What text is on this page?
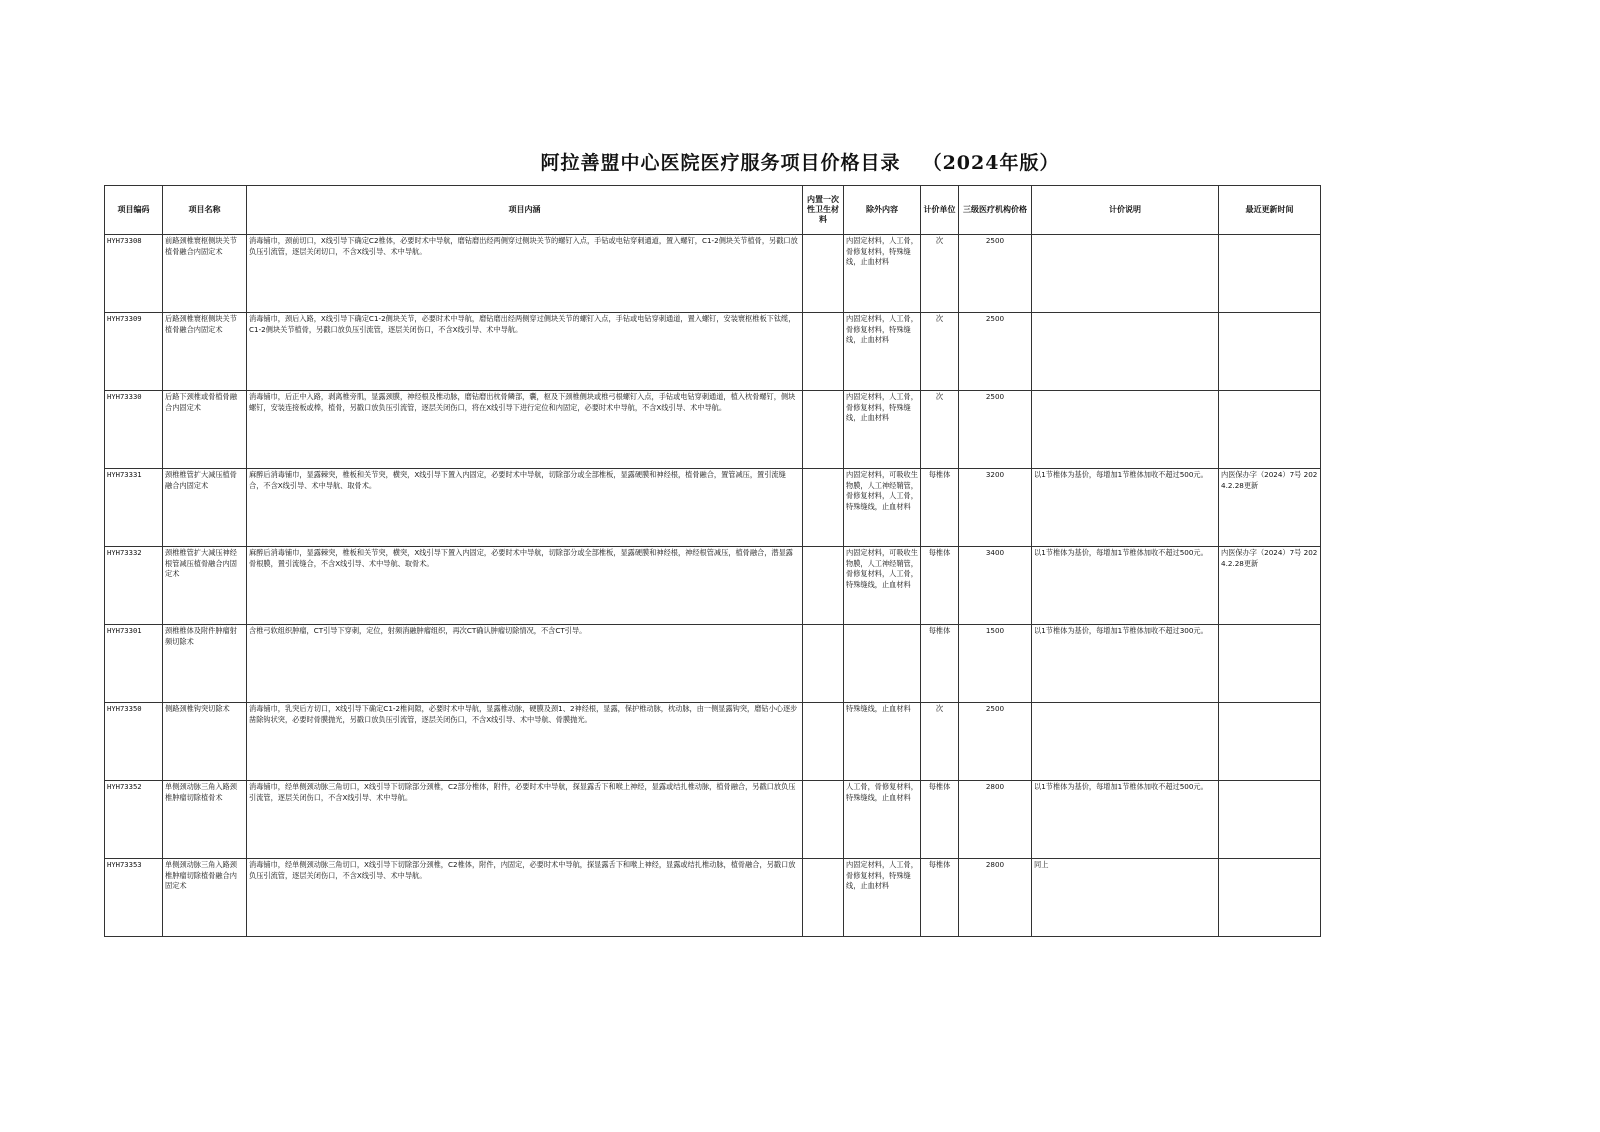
阿拉善盟中心医院医疗服务项目价格目录 （2024年版）
项目编码	项目名称	项目内涵	内置一次性卫生材料	除外内容	计价单位	三级医疗机构价格	计价说明	最近更新时间
HYH73308	前路颈椎寰枢侧块关节植骨融合内固定术	消毒铺巾，颈前切口，X线引导下确定C2椎体，必要时术中导航，磨钻磨出经两侧穿过侧块关节的螺钉入点，手钻或电钻穿刺通道，置入螺钉，C1-2侧块关节植骨，另戳口放负压引流管，逐层关闭切口，不含X线引导、术中导航。		内固定材料，人工骨，骨修复材料，特殊缝线，止血材料	次	2500		
HYH73309	后路颈椎寰枢侧块关节植骨融合内固定术	消毒铺巾，颈后入路，X线引导下确定C1-2侧块关节，必要时术中导航，磨钻磨出经两侧穿过侧块关节的螺钉入点，手钻或电钻穿刺通道，置入螺钉，安装寰枢椎板下钛缆，C1-2侧块关节植骨，另戳口放负压引流管，逐层关闭伤口，不含X线引导、术中导航。		内固定材料，人工骨，骨修复材料，特殊缝线，止血材料	次	2500		
HYH73330	后路下颈椎或骨植骨融合内固定术	消毒铺巾，后正中入路，剥离椎旁肌，显露颈膜，神经根及椎动脉，磨钻磨出枕骨鳞部，囊，枢及下颈椎侧块或椎弓根螺钉入点，手钻或电钻穿刺通道，植入枕骨螺钉，侧块螺钉，安装连接板或棒，植骨，另戳口放负压引流管，逐层关闭伤口，将在X线引导下进行定位和内固定，必要时术中导航，不含X线引导、术中导航。		内固定材料，人工骨，骨修复材料，特殊缝线，止血材料	次	2500		
HYH73331	颈椎椎管扩大减压植骨融合内固定术	麻醉后消毒铺巾，显露棘突，椎板和关节突，横突，X线引导下置入内固定，必要时术中导航，切除部分或全部椎板，显露硬膜和神经根，植骨融合，置管减压，置引流缝合，不含X线引导、术中导航、取骨术。		内固定材料，可吸收生物膜，人工神经鞘管，骨修复材料，人工骨，特殊缝线，止血材料	每椎体	3200	以1节椎体为基价，每增加1节椎体加收不超过500元。	内医保办字（2024）7号 2024.2.28更新
HYH73332	颈椎椎管扩大减压神经根管减压植骨融合内固定术	麻醉后消毒铺巾，显露棘突，椎板和关节突，横突，X线引导下置入内固定，必要时术中导航，切除部分或全部椎板，显露硬膜和神经根，神经根管减压，植骨融合，潜显露骨根膜，置引流缝合，不含X线引导、术中导航、取骨术。		内固定材料，可吸收生物膜，人工神经鞘管，骨修复材料，人工骨，特殊缝线，止血材料	每椎体	3400	以1节椎体为基价，每增加1节椎体加收不超过500元。	内医保办字（2024）7号 2024.2.28更新
HYH73301	颈椎椎体及附件肿瘤射频切除术	含椎弓软组织肿瘤，CT引导下穿刺，定位，射频消融肿瘤组织，再次CT确认肿瘤切除情况，不含CT引导。			每椎体	1500	以1节椎体为基价，每增加1节椎体加收不超过300元。	
HYH73350	侧路颈椎钩突切除术	消毒铺巾，乳突后方切口，X线引导下确定C1-2椎间隙，必要时术中导航，显露椎动脉，硬膜及颈1、2神经根，显露，保护椎动脉，枕动脉，由一侧显露钩突，磨钻小心逐步凿除钩状突，必要时骨膜抛光，另戳口放负压引流管，逐层关闭伤口，不含X线引导、术中导航、骨膜抛光。		特殊缝线，止血材料	次	2500		
HYH73352	单侧颈动脉三角入路颈椎肿瘤切除植骨术	消毒铺巾，经单侧颈动脉三角切口，X线引导下切除部分颈椎，C2部分椎体，附件，必要时术中导航，探显露舌下和喉上神经，显露或结扎椎动脉，植骨融合，另戳口放负压引流管，逐层关闭伤口，不含X线引导、术中导航。		人工骨，骨修复材料，特殊缝线，止血材料	每椎体	2800	以1节椎体为基价，每增加1节椎体加收不超过500元。	
HYH73353	单侧颈动脉三角入路颈椎肿瘤切除植骨融合内固定术	消毒铺巾，经单侧颈动脉三角切口，X线引导下切除部分颈椎，C2椎体，附件，内固定，必要时术中导航，探显露舌下和喉上神经，显露或结扎椎动脉，植骨融合，另戳口放负压引流管，逐层关闭伤口，不含X线引导、术中导航。		内固定材料，人工骨，骨修复材料，特殊缝线，止血材料	每椎体	2800	同上	
